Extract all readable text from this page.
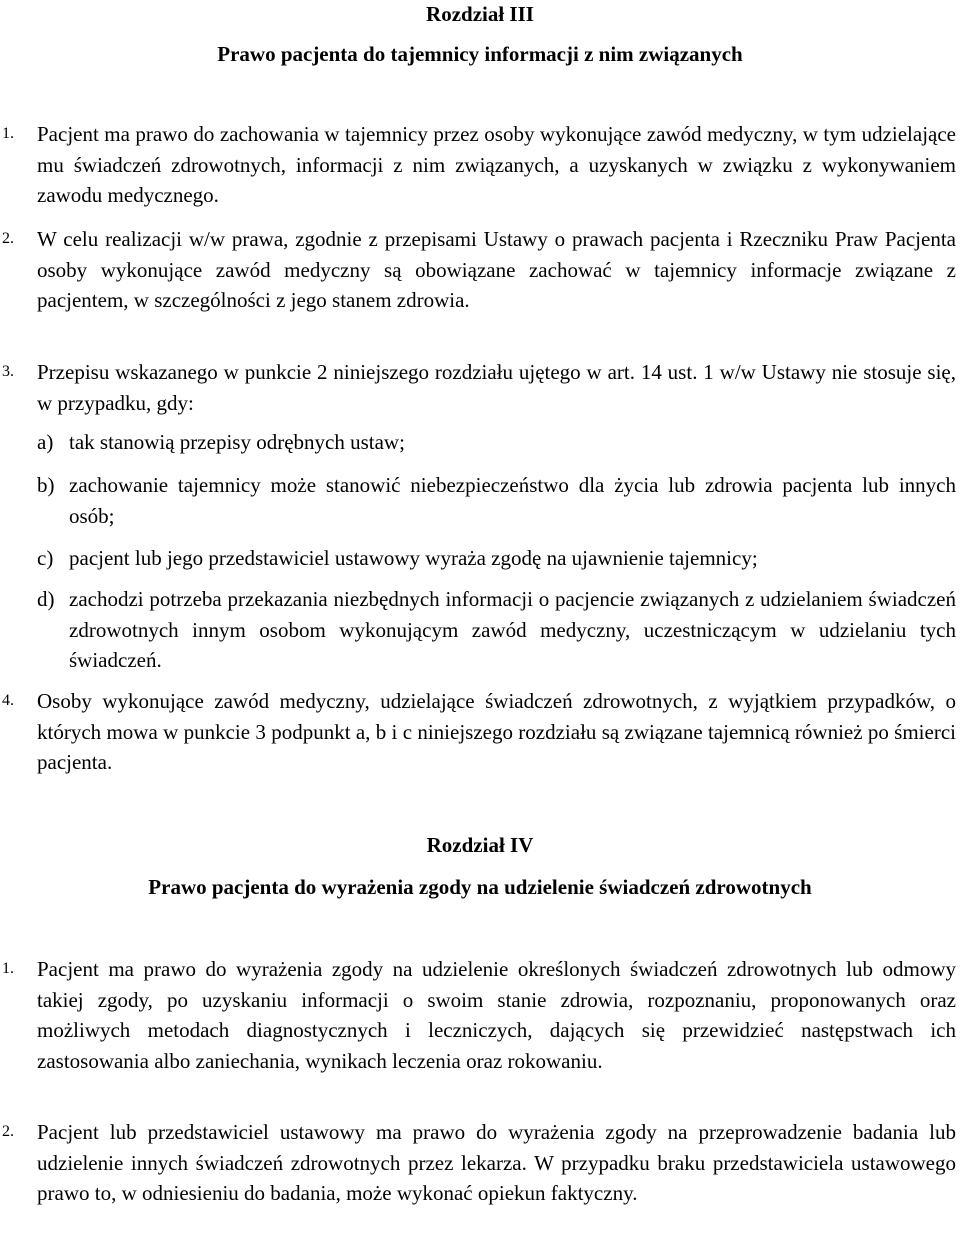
Rozdział III
Prawo pacjenta do tajemnicy informacji z nim związanych

1. Pacjent ma prawo do zachowania w tajemnicy przez osoby wykonujące zawód medyczny, w tym udzielające mu świadczeń zdrowotnych, informacji z nim związanych, a uzyskanych w związku z wykonywaniem zawodu medycznego.

2. W celu realizacji w/w prawa, zgodnie z przepisami Ustawy o prawach pacjenta i Rzeczniku Praw Pacjenta osoby wykonujące zawód medyczny są obowiązane zachować w tajemnicy informacje związane z pacjentem, w szczególności z jego stanem zdrowia.

3. Przepisu wskazanego w punkcie 2 niniejszego rozdziału ujętego w art. 14 ust. 1 w/w Ustawy nie stosuje się, w przypadku, gdy:

a) tak stanowią przepisy odrębnych ustaw;

b) zachowanie tajemnicy może stanowić niebezpieczeństwo dla życia lub zdrowia pacjenta lub innych osób;

c) pacjent lub jego przedstawiciel ustawowy wyraża zgodę na ujawnienie tajemnicy;

d) zachodzi potrzeba przekazania niezbędnych informacji o pacjencie związanych z udzielaniem świadczeń zdrowotnych innym osobom wykonującym zawód medyczny, uczestniczącym w udzielaniu tych świadczeń.

4. Osoby wykonujące zawód medyczny, udzielające świadczeń zdrowotnych, z wyjątkiem przypadków, o których mowa w punkcie 3 podpunkt a, b i c niniejszego rozdziału są związane tajemnicą również po śmierci pacjenta.

Rozdział IV
Prawo pacjenta do wyrażenia zgody na udzielenie świadczeń zdrowotnych

1. Pacjent ma prawo do wyrażenia zgody na udzielenie określonych świadczeń zdrowotnych lub odmowy takiej zgody, po uzyskaniu informacji o swoim stanie zdrowia, rozpoznaniu, proponowanych oraz możliwych metodach diagnostycznych i leczniczych, dających się przewidzieć następstwach ich zastosowania albo zaniechania, wynikach leczenia oraz rokowaniu.

2. Pacjent lub przedstawiciel ustawowy ma prawo do wyrażenia zgody na przeprowadzenie badania lub udzielenie innych świadczeń zdrowotnych przez lekarza. W przypadku braku przedstawiciela ustawowego prawo to, w odniesieniu do badania, może wykonać opiekun faktyczny.
